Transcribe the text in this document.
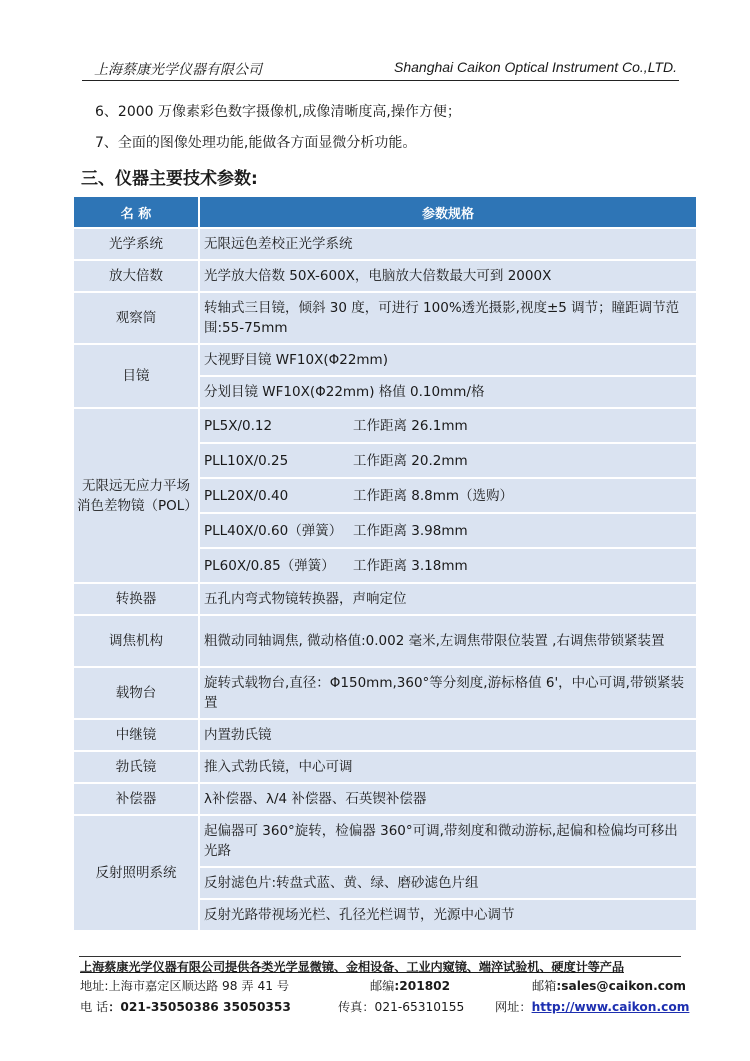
上海蔡康光学仪器有限公司	Shanghai Caikon Optical Instrument Co.,LTD.
6、2000 万像素彩色数字摄像机,成像清晰度高,操作方便；
7、全面的图像处理功能,能做各方面显微分析功能。
三、仪器主要技术参数:
名 称	参数规格
光学系统	无限远色差校正光学系统
放大倍数	光学放大倍数 50X-600X，电脑放大倍数最大可到 2000X
观察筒	转轴式三目镜，倾斜 30 度，可进行 100%透光摄影,视度±5 调节；瞳距调节范围:55-75mm
目镜	大视野目镜 WF10X(Φ22mm)
	分划目镜 WF10X(Φ22mm) 格值 0.10mm/格
无限远无应力平场消色差物镜（POL）	PL5X/0.12 工作距离 26.1mm
	PLL10X/0.25 工作距离 20.2mm
	PLL20X/0.40 工作距离 8.8mm（选购）
	PLL40X/0.60（弹簧） 工作距离 3.98mm
	PL60X/0.85（弹簧） 工作距离 3.18mm
转换器	五孔内弯式物镜转换器，声响定位
调焦机构	粗微动同轴调焦, 微动格值:0.002 毫米,左调焦带限位装置 ,右调焦带锁紧装置
载物台	旋转式载物台,直径：Φ150mm,360°等分刻度,游标格值 6'，中心可调,带锁紧装置
中继镜	内置勃氏镜
勃氏镜	推入式勃氏镜，中心可调
补偿器	λ补偿器、λ/4 补偿器、石英锲补偿器
反射照明系统	起偏器可 360°旋转，检偏器 360°可调,带刻度和微动游标,起偏和检偏均可移出光路
	反射滤色片:转盘式蓝、黄、绿、磨砂滤色片组
	反射光路带视场光栏、孔径光栏调节，光源中心调节
上海蔡康光学仪器有限公司提供各类光学显微镜、金相设备、工业内窥镜、端淬试验机、硬度计等产品
地址:上海市嘉定区顺达路 98 弄 41 号	邮编:201802	邮箱:sales@caikon.com
电 话：021-35050386 35050353	传真：021-65310155	网址：http://www.caikon.com
